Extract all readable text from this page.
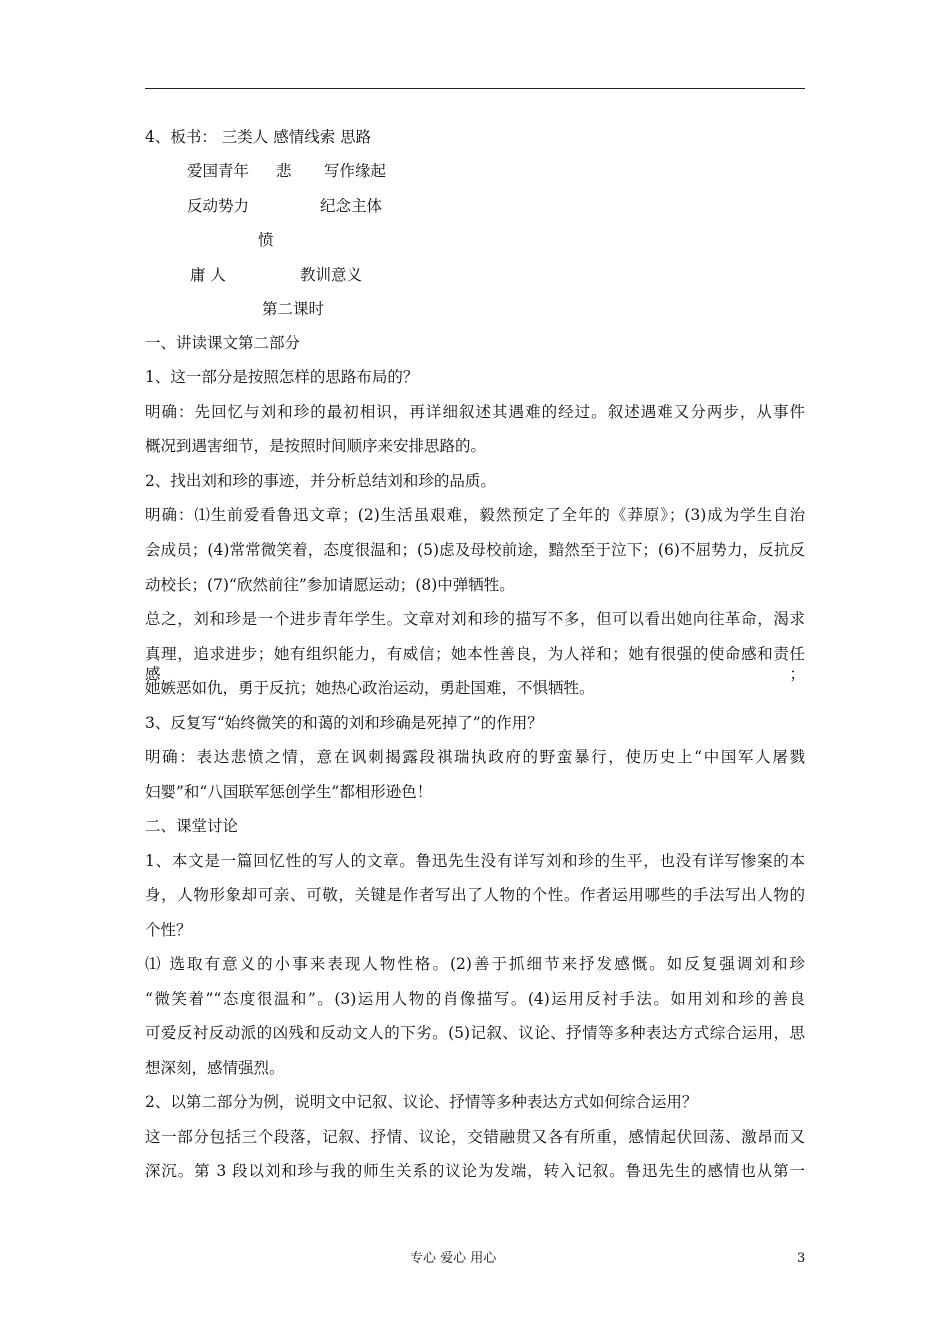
4、板书： 三类人 感情线索 思路
爱国青年 悲 写作缘起
反动势力	纪念主体
愤
庸 人	教训意义
第二课时
一、讲读课文第二部分
1、这一部分是按照怎样的思路布局的？
明确：先回忆与刘和珍的最初相识，再详细叙述其遇难的经过。叙述遇难又分两步，从事件
概况到遇害细节，是按照时间顺序来安排思路的。
2、找出刘和珍的事迹，并分析总结刘和珍的品质。
明确：⑴生前爱看鲁迅文章；(2)生活虽艰难，毅然预定了全年的《莽原》；(3)成为学生自治
会成员；(4)常常微笑着，态度很温和；(5)虑及母校前途，黯然至于泣下；(6)不屈势力，反抗反
动校长；(7)“欣然前往”参加请愿运动；(8)中弹牺牲。
总之，刘和珍是一个进步青年学生。文章对刘和珍的描写不多，但可以看出她向往革命，渴求
真理，追求进步；她有组织能力，有威信；她本性善良，为人祥和；她有很强的使命感和责任感；
她嫉恶如仇，勇于反抗；她热心政治运动，勇赴国难，不惧牺牲。
3、反复写“始终微笑的和蔼的刘和珍确是死掉了”的作用？
明确：表达悲愤之情，意在讽刺揭露段祺瑞执政府的野蛮暴行，使历史上“中国军人屠戮
妇婴”和“八国联军惩创学生”都相形逊色！
二、课堂讨论
1、本文是一篇回忆性的写人的文章。鲁迅先生没有详写刘和珍的生平，也没有详写惨案的本
身，人物形象却可亲、可敬，关键是作者写出了人物的个性。作者运用哪些的手法写出人物的
个性？
⑴ 选取有意义的小事来表现人物性格。(2)善于抓细节来抒发感慨。如反复强调刘和珍
“微笑着”“态度很温和”。(3)运用人物的肖像描写。(4)运用反衬手法。如用刘和珍的善良
可爱反衬反动派的凶残和反动文人的下劣。(5)记叙、议论、抒情等多种表达方式综合运用，思
想深刻，感情强烈。
2、以第二部分为例，说明文中记叙、议论、抒情等多种表达方式如何综合运用？
这一部分包括三个段落，记叙、抒情、议论，交错融贯又各有所重，感情起伏回荡、激昂而又
深沉。第 3 段以刘和珍与我的师生关系的议论为发端，转入记叙。鲁迅先生的感情也从第一
专心 爱心 用心	3
